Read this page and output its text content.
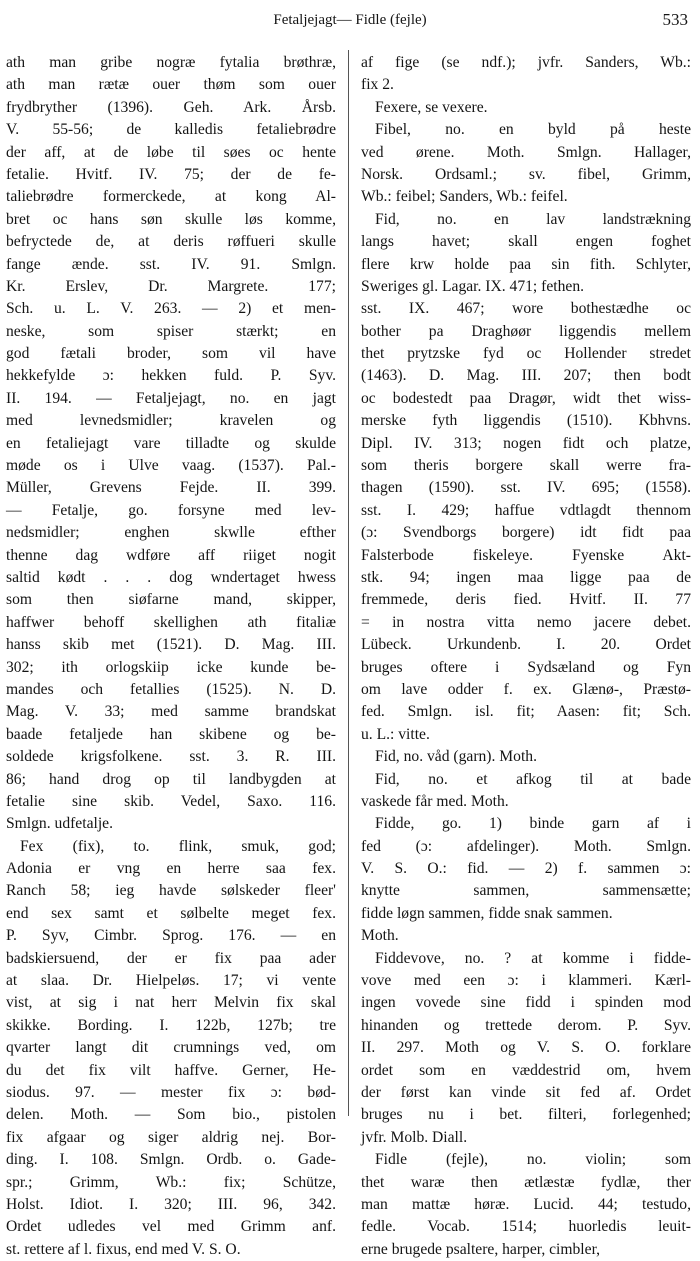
Fetaljejagt— Fidle (fejle)	533
ath man gribe nogræ fytalia brøthræ,
ath man rætæ ouer thøm som ouer
frydbryther (1396). Geh. Ark. Årsb.
V. 55-56; de kalledis fetaliebrødre
der aff, at de løbe til søes oc hente
fetalie. Hvitf. IV. 75; der de fe-
taliebrødre formerckede, at kong Al-
bret oc hans søn skulle løs komme,
befryctede de, at deris røffueri skulle
fange ænde. sst. IV. 91. Smlgn.
Kr. Erslev, Dr. Margrete. 177;
Sch. u. L. V. 263. — 2) et men-
neske, som spiser stærkt; en
god fætali broder, som vil have
hekkefylde ɔ: hekken fuld. P. Syv.
II. 194. — Fetaljejagt, no. en jagt
med levnedsmidler; kravelen og
en fetaliejagt vare tilladte og skulde
møde os i Ulve vaag. (1537). Pal.-
Müller, Grevens Fejde. II. 399.
— Fetalje, go. forsyne med lev-
nedsmidler; enghen skwlle efther
thenne dag wdføre aff riiget nogit
saltid kødt . . . dog wndertaget hwess
som then siøfarne mand, skipper,
haffwer behoff skellighen ath fitaliæ
hanss skib met (1521). D. Mag. III.
302; ith orlogskiip icke kunde be-
mandes och fetallies (1525). N. D.
Mag. V. 33; med samme brandskat
baade fetaljede han skibene og be-
soldede krigsfolkene. sst. 3. R. III.
86; hand drog op til landbygden at
fetalie sine skib. Vedel, Saxo. 116.
Smlgn. udfetalje.
Fex (fix), to. flink, smuk, god;
Adonia er vng en herre saa fex.
Ranch 58; ieg havde sølskeder fleer'
end sex samt et sølbelte meget fex.
P. Syv, Cimbr. Sprog. 176. — en
badskiersuend, der er fix paa ader
at slaa. Dr. Hielpeløs. 17; vi vente
vist, at sig i nat herr Melvin fix skal
skikke. Bording. I. 122b, 127b; tre
qvarter langt dit crumnings ved, om
du det fix vilt haffve. Gerner, He-
siodus. 97. — mester fix ɔ: bød-
delen. Moth. — Som bio., pistolen
fix afgaar og siger aldrig nej. Bor-
ding. I. 108. Smlgn. Ordb. o. Gade-
spr.; Grimm, Wb.: fix; Schütze,
Holst. Idiot. I. 320; III. 96, 342.
Ordet udledes vel med Grimm anf.
st. rettere af l. fixus, end med V. S. O.
af fige (se ndf.); jvfr. Sanders, Wb.:
fix 2.
Fexere, se vexere.
Fibel, no. en byld på heste
ved ørene. Moth. Smlgn. Hallager,
Norsk. Ordsaml.; sv. fibel, Grimm,
Wb.: feibel; Sanders, Wb.: feifel.
Fid, no. en lav landstrækning
langs havet; skall engen foghet
flere krw holde paa sin fith. Schlyter,
Sweriges gl. Lagar. IX. 471; fethen.
sst. IX. 467; wore bothestædhe oc
bother pa Draghøør liggendis mellem
thet prytzske fyd oc Hollender stredet
(1463). D. Mag. III. 207; then bodt
oc bodestedt paa Dragør, widt thet wiss-
merske fyth liggendis (1510). Kbhvns.
Dipl. IV. 313; nogen fidt och platze,
som theris borgere skall werre fra-
thagen (1590). sst. IV. 695; (1558).
sst. I. 429; haffue vdtlagdt thennom
(ɔ: Svendborgs borgere) idt fidt paa
Falsterbode fiskeleye. Fyenske Akt-
stk. 94; ingen maa ligge paa de
fremmede, deris fied. Hvitf. II. 77
= in nostra vitta nemo jacere debet.
Lübeck. Urkundenb. I. 20. Ordet
bruges oftere i Sydsæland og Fyn
om lave odder f. ex. Glænø-, Præstø-
fed. Smlgn. isl. fit; Aasen: fit; Sch.
u. L.: vitte.
Fid, no. våd (garn). Moth.
Fid, no. et afkog til at bade
vaskede får med. Moth.
Fidde, go. 1) binde garn af i
fed (ɔ: afdelinger). Moth. Smlgn.
V. S. O.: fid. — 2) f. sammen ɔ:
knytte sammen, sammensætte;
fidde løgn sammen, fidde snak sammen.
Moth.
Fiddevove, no. ? at komme i fidde-
vove med een ɔ: i klammeri. Kærl-
ingen vovede sine fidd i spinden mod
hinanden og trettede derom. P. Syv.
II. 297. Moth og V. S. O. forklare
ordet som en væddestrid om, hvem
der først kan vinde sit fed af. Ordet
bruges nu i bet. filteri, forlegenhed;
jvfr. Molb. Diall.
Fidle (fejle), no. violin; som
thet waræ then ætlæstæ fydlæ, ther
man mattæ høræ. Lucid. 44; testudo,
fedle. Vocab. 1514; huorledis leuit-
erne brugede psaltere, harper, cimbler,
